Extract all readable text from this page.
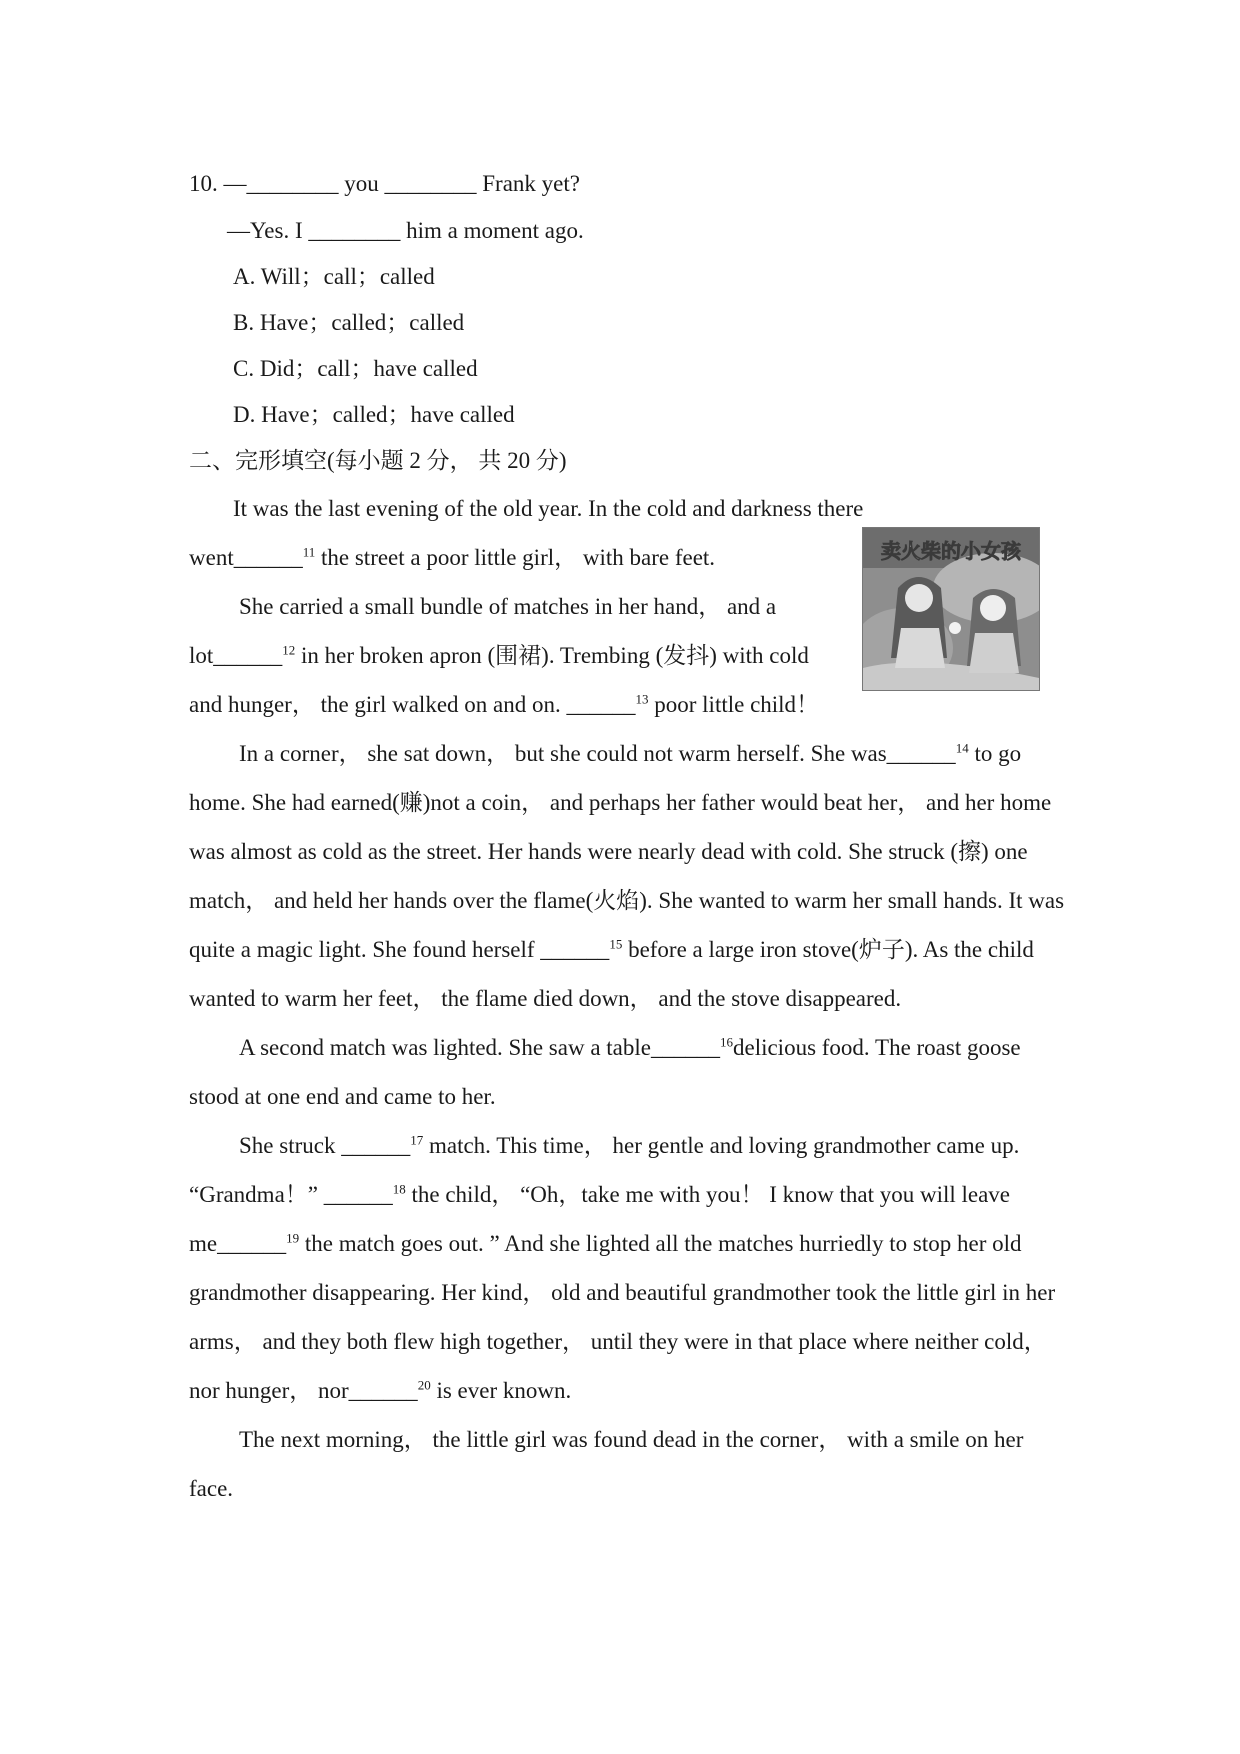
10. —________ you ________ Frank yet?
—Yes. I ________ him a moment ago.
A. Will；call；called
B. Have；called；called
C. Did；call；have called
D. Have；called；have called
二、完形填空(每小题 2 分， 共 20 分)

It was the last evening of the old year. In the cold and darkness there

went______$^{11}$ the street a poor little girl， with bare feet.

She carried a small bundle of matches in her hand， and a lot______$^{12}$ in her broken apron (围裙). Trembing (发抖) with cold and hunger， the girl walked on and on. ______$^{13}$ poor little child！

In a corner， she sat down， but she could not warm herself. She was______$^{14}$ to go home. She had earned(赚)not a coin， and perhaps her father would beat her， and her home was almost as cold as the street. Her hands were nearly dead with cold. She struck (擦) one match， and held her hands over the flame(火焰). She wanted to warm her small hands. It was quite a magic light. She found herself ______$^{15}$ before a large iron stove(炉子). As the child wanted to warm her feet， the flame died down， and the stove disappeared.

A second match was lighted. She saw a table______$^{16}$delicious food. The roast goose stood at one end and came to her.

She struck ______$^{17}$ match. This time， her gentle and loving grandmother came up. “Grandma！” ______$^{18}$ the child， “Oh，take me with you！ I know that you will leave me______$^{19}$ the match goes out. ” And she lighted all the matches hurriedly to stop her old grandmother disappearing. Her kind， old and beautiful grandmother took the little girl in her arms， and they both flew high together， until they were in that place where neither cold， nor hunger， nor______$^{20}$ is ever known.

The next morning， the little girl was found dead in the corner， with a smile on her face.

卖火柴的小女孩
